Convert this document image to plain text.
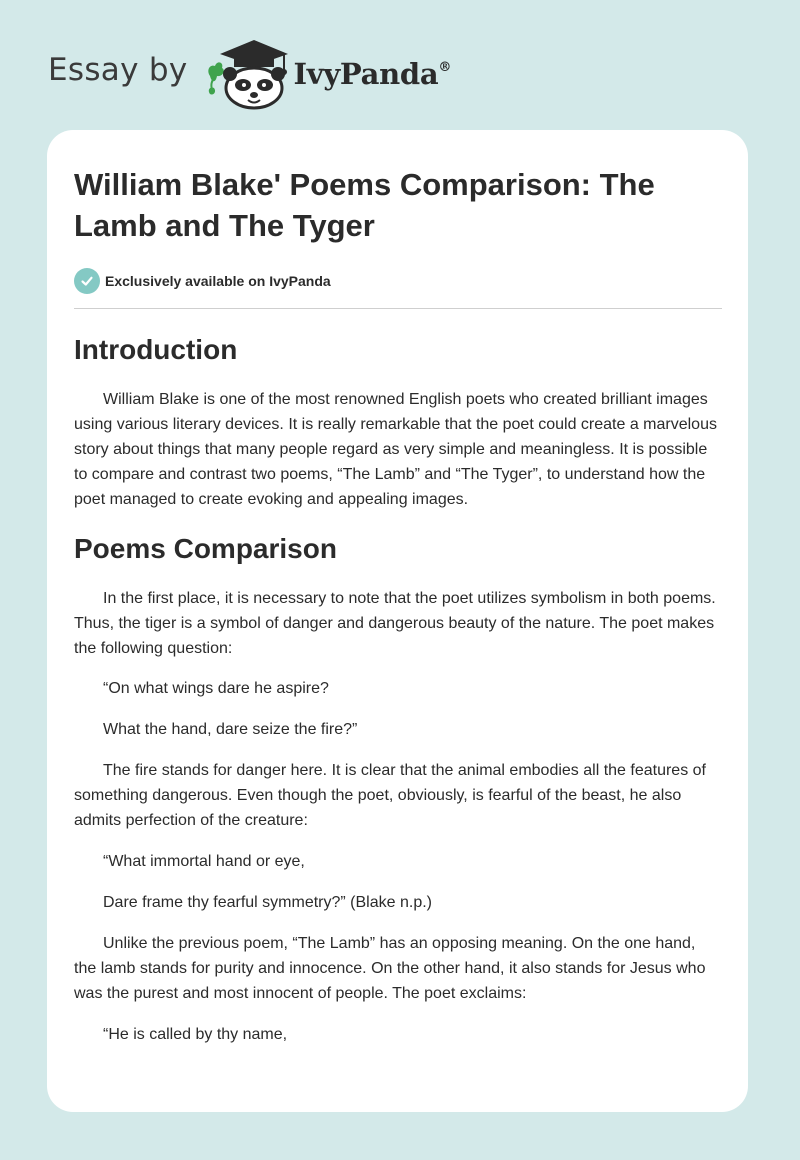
Essay by	IvyPanda®
William Blake' Poems Comparison: The Lamb and The Tyger
Exclusively available on IvyPanda
Introduction

William Blake is one of the most renowned English poets who created brilliant images using various literary devices. It is really remarkable that the poet could create a marvelous story about things that many people regard as very simple and meaningless. It is possible to compare and contrast two poems, “The Lamb” and “The Tyger”, to understand how the poet managed to create evoking and appealing images.

Poems Comparison

In the first place, it is necessary to note that the poet utilizes symbolism in both poems. Thus, the tiger is a symbol of danger and dangerous beauty of the nature. The poet makes the following question:

“On what wings dare he aspire?

What the hand, dare seize the fire?”

The fire stands for danger here. It is clear that the animal embodies all the features of something dangerous. Even though the poet, obviously, is fearful of the beast, he also admits perfection of the creature:

“What immortal hand or eye,

Dare frame thy fearful symmetry?” (Blake n.p.)

Unlike the previous poem, “The Lamb” has an opposing meaning. On the one hand, the lamb stands for purity and innocence. On the other hand, it also stands for Jesus who was the purest and most innocent of people. The poet exclaims:

“He is called by thy name,
